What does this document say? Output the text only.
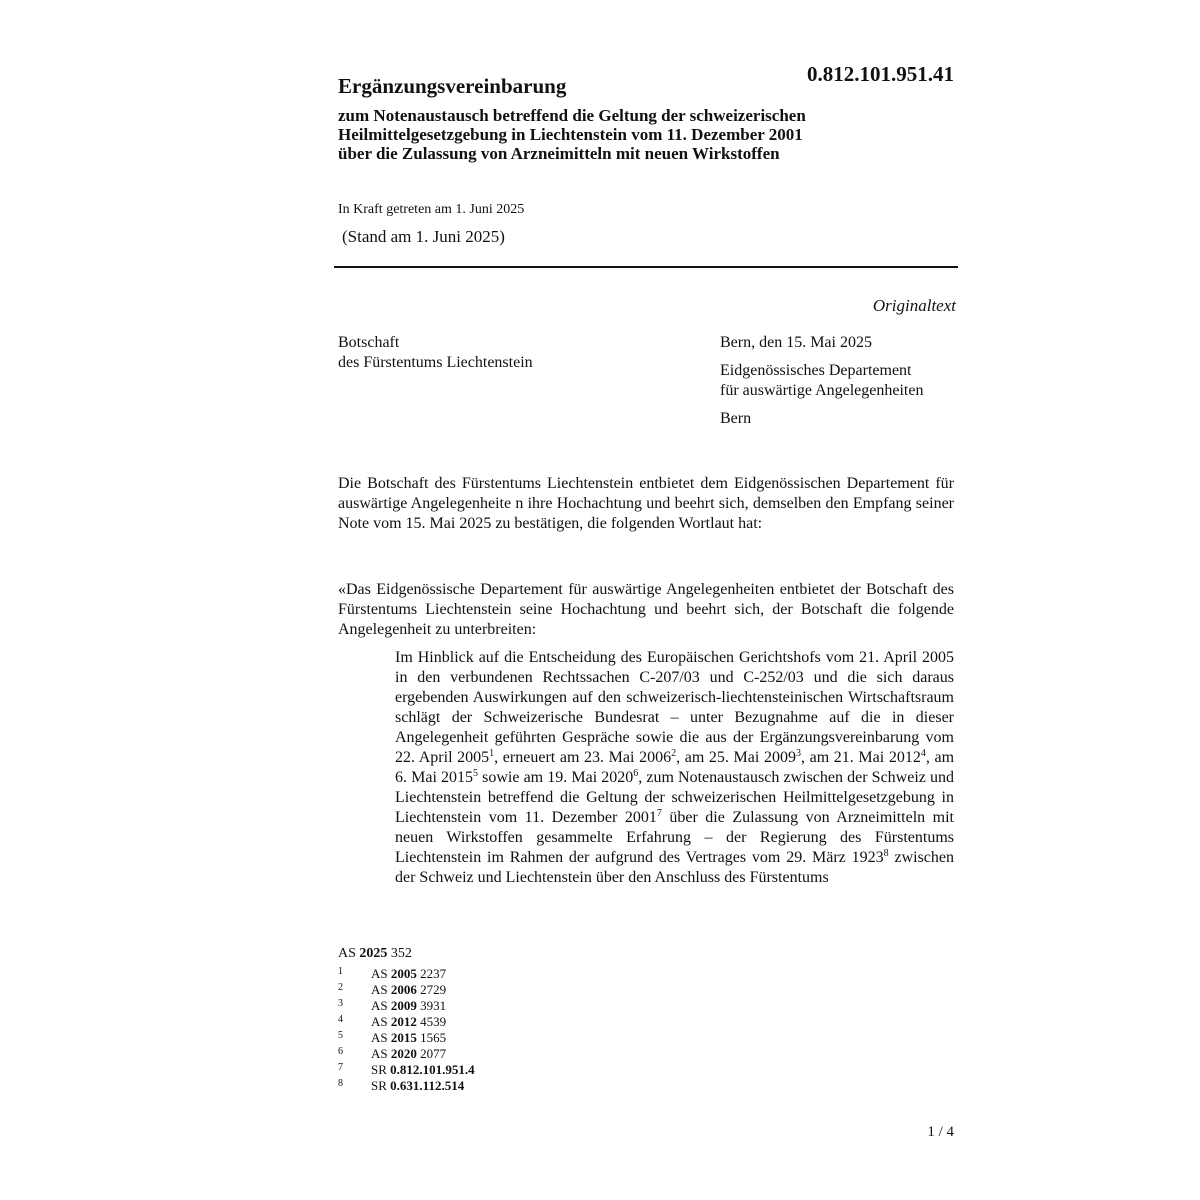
Ergänzungsvereinbarung	0.812.101.951.41
zum Notenaustausch betreffend die Geltung der schweizerischen
Heilmittelgesetzgebung in Liechtenstein vom 11. Dezember 2001
über die Zulassung von Arzneimitteln mit neuen Wirkstoffen
In Kraft getreten am 1. Juni 2025
(Stand am 1. Juni 2025)
Originaltext
Botschaft
des Fürstentums Liechtenstein
Bern, den 15. Mai 2025
Eidgenössisches Departement
für auswärtige Angelegenheiten
Bern
Die Botschaft des Fürstentums Liechtenstein entbietet dem Eidgenössischen Departement für auswärtige Angelegenheite n ihre Hochachtung und beehrt sich, demselben den Empfang seiner Note vom 15. Mai 2025 zu bestätigen, die folgenden Wortlaut hat:
«Das Eidgenössische Departement für auswärtige Angelegenheiten entbietet der Botschaft des Fürstentums Liechtenstein seine Hochachtung und beehrt sich, der Botschaft die folgende Angelegenheit zu unterbreiten:
Im Hinblick auf die Entscheidung des Europäischen Gerichtshofs vom 21. April 2005 in den verbundenen Rechtssachen C-207/03 und C-252/03 und die sich daraus ergebenden Auswirkungen auf den schweizerisch-liechtensteinischen Wirtschaftsraum schlägt der Schweizerische Bundesrat – unter Bezugnahme auf die in dieser Angelegenheit geführten Gespräche sowie die aus der Ergänzungsvereinbarung vom 22. April 2005$^1$, erneuert am 23. Mai 2006$^2$, am 25. Mai 2009$^3$, am 21. Mai 2012$^4$, am 6. Mai 2015$^5$ sowie am 19. Mai 2020$^6$, zum Notenaustausch zwischen der Schweiz und Liechtenstein betreffend die Geltung der schweizerischen Heilmittelgesetzgebung in Liechtenstein vom 11. Dezember 2001$^7$ über die Zulassung von Arzneimitteln mit neuen Wirkstoffen gesammelte Erfahrung – der Regierung des Fürstentums Liechtenstein im Rahmen der aufgrund des Vertrages vom 29. März 1923$^8$ zwischen der Schweiz und Liechtenstein über den Anschluss des Fürstentums
AS 2025 352
1	AS 2005 2237
2	AS 2006 2729
3	AS 2009 3931
4	AS 2012 4539
5	AS 2015 1565
6	AS 2020 2077
7	SR 0.812.101.951.4
8	SR 0.631.112.514
1 / 4
